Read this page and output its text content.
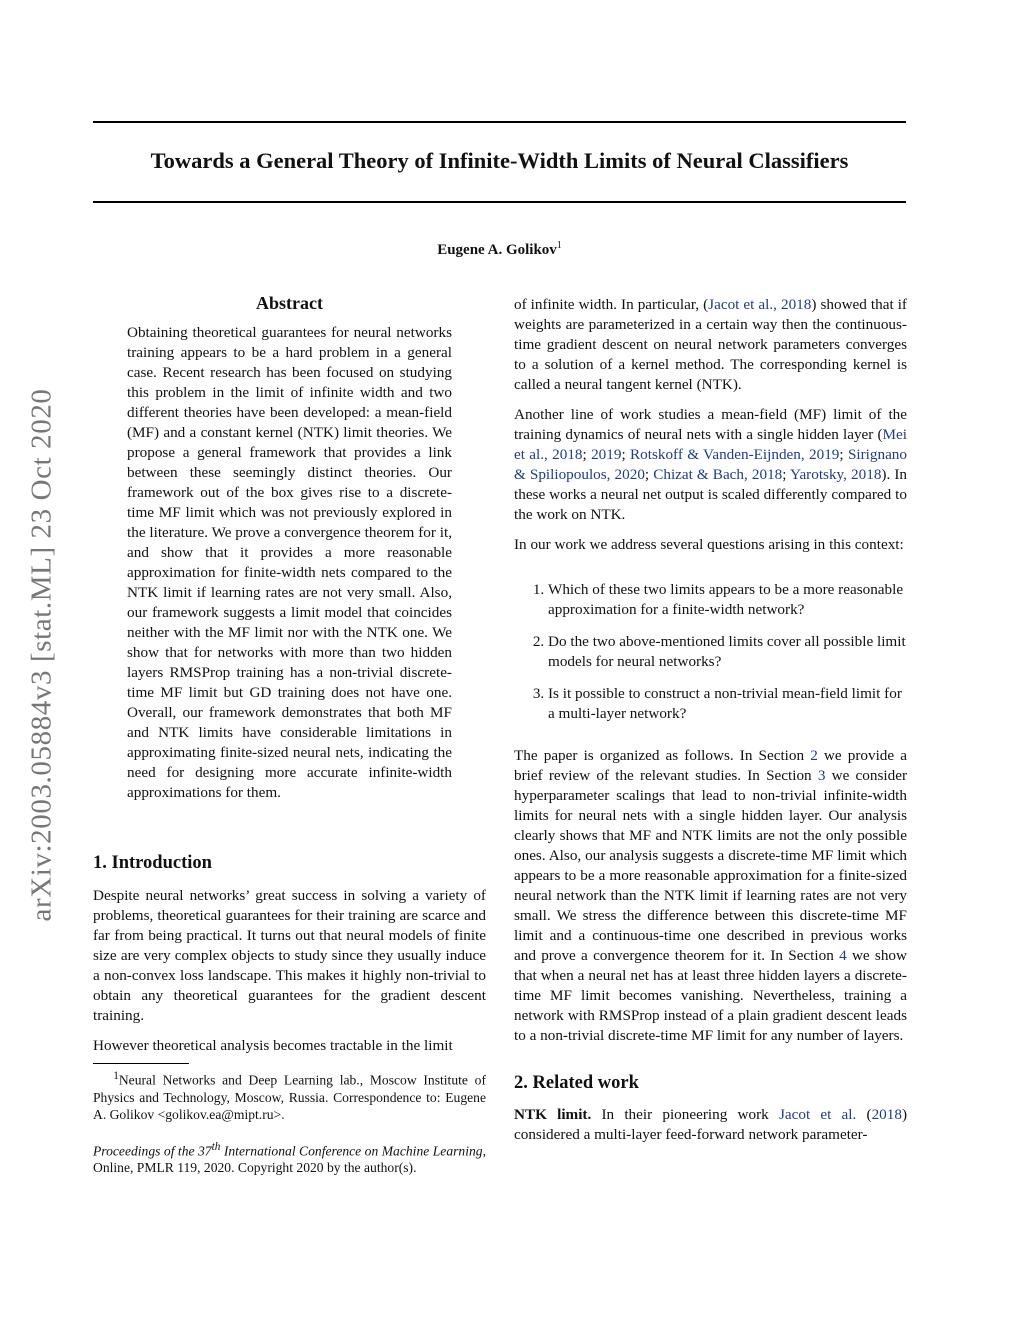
Towards a General Theory of Infinite-Width Limits of Neural Classifiers
Eugene A. Golikov$^1$
arXiv:2003.05884v3 [stat.ML] 23 Oct 2020
Abstract

Obtaining theoretical guarantees for neural networks training appears to be a hard problem in a general case. Recent research has been focused on studying this problem in the limit of infinite width and two different theories have been developed: a mean-field (MF) and a constant kernel (NTK) limit theories. We propose a general framework that provides a link between these seemingly distinct theories. Our framework out of the box gives rise to a discrete-time MF limit which was not previously explored in the literature. We prove a convergence theorem for it, and show that it provides a more reasonable approximation for finite-width nets compared to the NTK limit if learning rates are not very small. Also, our framework suggests a limit model that coincides neither with the MF limit nor with the NTK one. We show that for networks with more than two hidden layers RMSProp training has a non-trivial discrete-time MF limit but GD training does not have one. Overall, our framework demonstrates that both MF and NTK limits have considerable limitations in approximating finite-sized neural nets, indicating the need for designing more accurate infinite-width approximations for them.

1. Introduction

Despite neural networks’ great success in solving a variety of problems, theoretical guarantees for their training are scarce and far from being practical. It turns out that neural models of finite size are very complex objects to study since they usually induce a non-convex loss landscape. This makes it highly non-trivial to obtain any theoretical guarantees for the gradient descent training.

However theoretical analysis becomes tractable in the limit

$^1$Neural Networks and Deep Learning lab., Moscow Institute of Physics and Technology, Moscow, Russia. Correspondence to: Eugene A. Golikov <golikov.ea@mipt.ru>.
Proceedings of the 37th International Conference on Machine Learning, Online, PMLR 119, 2020. Copyright 2020 by the author(s).

of infinite width. In particular, (Jacot et al., 2018) showed that if weights are parameterized in a certain way then the continuous-time gradient descent on neural network parameters converges to a solution of a kernel method. The corresponding kernel is called a neural tangent kernel (NTK).

Another line of work studies a mean-field (MF) limit of the training dynamics of neural nets with a single hidden layer (Mei et al., 2018; 2019; Rotskoff & Vanden-Eijnden, 2019; Sirignano & Spiliopoulos, 2020; Chizat & Bach, 2018; Yarotsky, 2018). In these works a neural net output is scaled differently compared to the work on NTK.

In our work we address several questions arising in this context:

1. Which of these two limits appears to be a more reasonable approximation for a finite-width network?
2. Do the two above-mentioned limits cover all possible limit models for neural networks?
3. Is it possible to construct a non-trivial mean-field limit for a multi-layer network?

The paper is organized as follows. In Section 2 we provide a brief review of the relevant studies. In Section 3 we consider hyperparameter scalings that lead to non-trivial infinite-width limits for neural nets with a single hidden layer. Our analysis clearly shows that MF and NTK limits are not the only possible ones. Also, our analysis suggests a discrete-time MF limit which appears to be a more reasonable approximation for a finite-sized neural network than the NTK limit if learning rates are not very small. We stress the difference between this discrete-time MF limit and a continuous-time one described in previous works and prove a convergence theorem for it. In Section 4 we show that when a neural net has at least three hidden layers a discrete-time MF limit becomes vanishing. Nevertheless, training a network with RMSProp instead of a plain gradient descent leads to a non-trivial discrete-time MF limit for any number of layers.

2. Related work

NTK limit. In their pioneering work Jacot et al. (2018) considered a multi-layer feed-forward network parameter-
